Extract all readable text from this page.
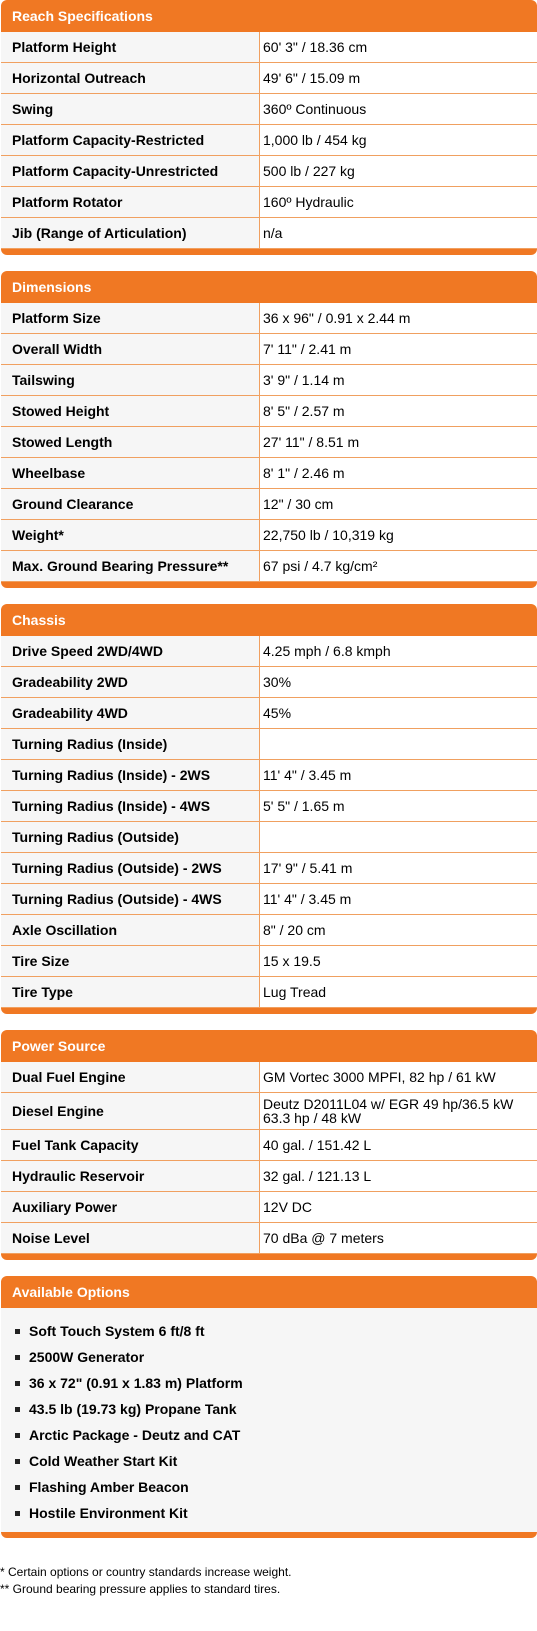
Reach Specifications
Platform Height	60' 3" / 18.36 cm
Horizontal Outreach	49' 6" / 15.09 m
Swing	360º Continuous
Platform Capacity-Restricted	1,000 lb / 454 kg
Platform Capacity-Unrestricted	500 lb / 227 kg
Platform Rotator	160º Hydraulic
Jib (Range of Articulation)	n/a
Dimensions
Platform Size	36 x 96" / 0.91 x 2.44 m
Overall Width	7' 11" / 2.41 m
Tailswing	3' 9" / 1.14 m
Stowed Height	8' 5" / 2.57 m
Stowed Length	27' 11" / 8.51 m
Wheelbase	8' 1" / 2.46 m
Ground Clearance	12" / 30 cm
Weight*	22,750 lb / 10,319 kg
Max. Ground Bearing Pressure**	67 psi / 4.7 kg/cm²
Chassis
Drive Speed 2WD/4WD	4.25 mph / 6.8 kmph
Gradeability 2WD	30%
Gradeability 4WD	45%
Turning Radius (Inside)	
Turning Radius (Inside) - 2WS	11' 4" / 3.45 m
Turning Radius (Inside) - 4WS	5' 5" / 1.65 m
Turning Radius (Outside)	
Turning Radius (Outside) - 2WS	17' 9" / 5.41 m
Turning Radius (Outside) - 4WS	11' 4" / 3.45 m
Axle Oscillation	8" / 20 cm
Tire Size	15 x 19.5
Tire Type	Lug Tread
Power Source
Dual Fuel Engine	GM Vortec 3000 MPFI, 82 hp / 61 kW
Diesel Engine	Deutz D2011L04 w/ EGR 49 hp/36.5 kW 63.3 hp / 48 kW
Fuel Tank Capacity	40 gal. / 151.42 L
Hydraulic Reservoir	32 gal. / 121.13 L
Auxiliary Power	12V DC
Noise Level	70 dBa @ 7 meters
Available Options
Soft Touch System 6 ft/8 ft
2500W Generator
36 x 72" (0.91 x 1.83 m) Platform
43.5 lb (19.73 kg) Propane Tank
Arctic Package - Deutz and CAT
Cold Weather Start Kit
Flashing Amber Beacon
Hostile Environment Kit
* Certain options or country standards increase weight.
** Ground bearing pressure applies to standard tires.
